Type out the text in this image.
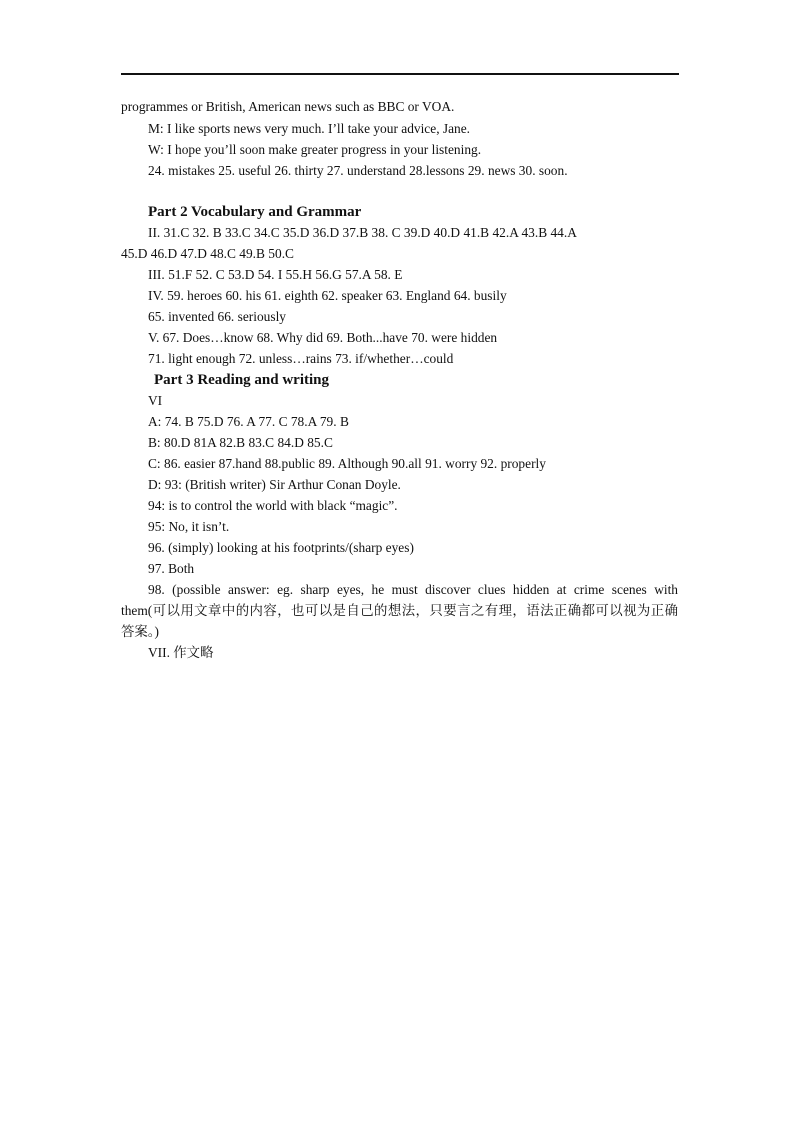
programmes or British, American news such as BBC or VOA.
M: I like sports news very much. I’ll take your advice, Jane.
W: I hope you’ll soon make greater progress in your listening.
24. mistakes 25. useful 26. thirty 27. understand 28.lessons 29. news 30. soon.
Part 2 Vocabulary and Grammar
II. 31.C 32. B 33.C 34.C 35.D 36.D 37.B 38. C 39.D 40.D 41.B 42.A 43.B 44.A
45.D 46.D 47.D 48.C 49.B 50.C
III. 51.F 52. C 53.D 54. I 55.H 56.G 57.A 58. E
IV. 59. heroes 60. his 61. eighth 62. speaker 63. England 64. busily
65. invented 66. seriously
V. 67. Does…know 68. Why did 69. Both...have 70. were hidden
71. light enough 72. unless…rains 73. if/whether…could
Part 3 Reading and writing
VI
A: 74. B 75.D 76. A 77. C 78.A 79. B
B: 80.D 81A 82.B 83.C 84.D 85.C
C: 86. easier 87.hand 88.public 89. Although 90.all 91. worry 92. properly
D: 93: (British writer) Sir Arthur Conan Doyle.
94: is to control the world with black “magic”.
95: No, it isn’t.
96. (simply) looking at his footprints/(sharp eyes)
97. Both
98. (possible answer: eg. sharp eyes, he must discover clues hidden at crime scenes with
them(可以用文章中的内容，也可以是自己的想法，只要言之有理，语法正确都可以视为正确
答案。)
VII. 作文略
